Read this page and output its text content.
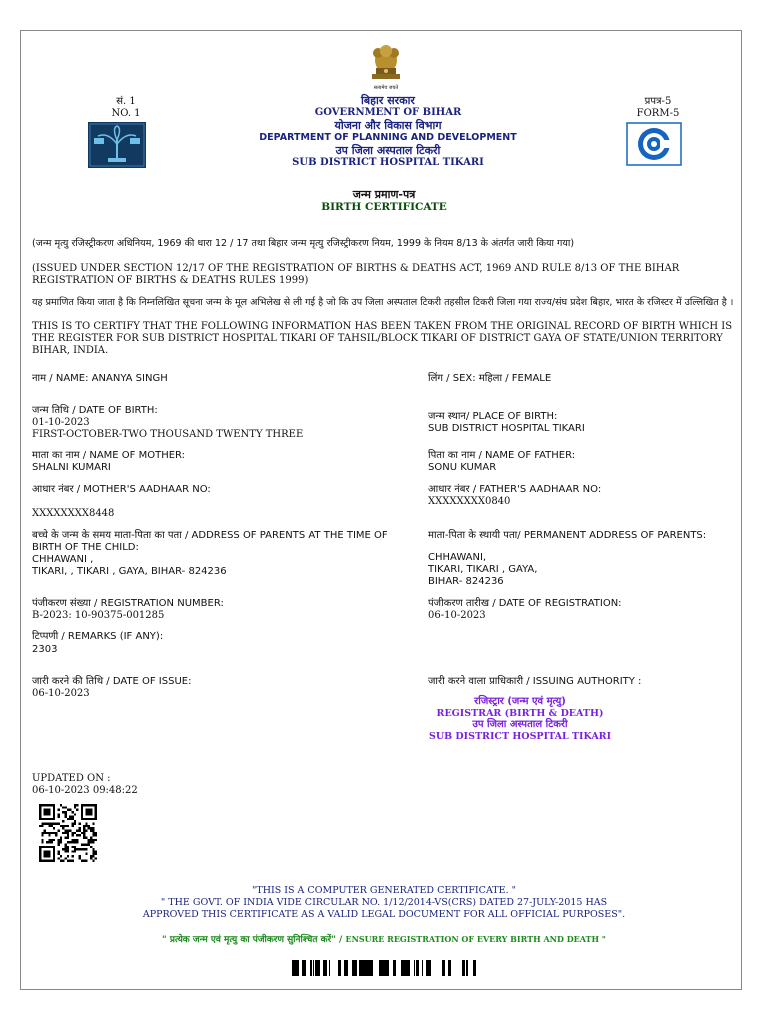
सत्यमेव जयते
सं. 1
NO. 1
बिहार सरकार
GOVERNMENT OF BIHAR
योजना और विकास विभाग
DEPARTMENT OF PLANNING AND DEVELOPMENT
उप जिला अस्पताल टिकरी
SUB DISTRICT HOSPITAL TIKARI
प्रपत्र-5
FORM-5
जन्म प्रमाण-पत्र
BIRTH CERTIFICATE
(जन्म मृत्यु रजिस्ट्रीकरण अधिनियम, 1969 की धारा 12 / 17 तथा बिहार जन्म मृत्यु रजिस्ट्रीकरण नियम, 1999 के नियम 8/13 के अंतर्गत जारी किया गया)
(ISSUED UNDER SECTION 12/17 OF THE REGISTRATION OF BIRTHS & DEATHS ACT, 1969 AND RULE 8/13 OF THE BIHAR REGISTRATION OF BIRTHS & DEATHS RULES 1999)
यह प्रमाणित किया जाता है कि निम्नलिखित सूचना जन्म के मूल अभिलेख से ली गई है जो कि उप जिला अस्पताल टिकरी तहसील टिकरी जिला गया राज्य/संघ प्रदेश बिहार, भारत के रजिस्टर में उल्लिखित है ।
THIS IS TO CERTIFY THAT THE FOLLOWING INFORMATION HAS BEEN TAKEN FROM THE ORIGINAL RECORD OF BIRTH WHICH IS THE REGISTER FOR SUB DISTRICT HOSPITAL TIKARI OF TAHSIL/BLOCK TIKARI OF DISTRICT GAYA OF STATE/UNION TERRITORY BIHAR, INDIA.
नाम / NAME: ANANYA SINGH	लिंग / SEX: महिला / FEMALE
जन्म तिथि / DATE OF BIRTH:
01-10-2023
FIRST-OCTOBER-TWO THOUSAND TWENTY THREE
जन्म स्थान/ PLACE OF BIRTH:
SUB DISTRICT HOSPITAL TIKARI
माता का नाम / NAME OF MOTHER:
SHALNI KUMARI
पिता का नाम / NAME OF FATHER:
SONU KUMAR
आधार नंबर / MOTHER'S AADHAAR NO:
XXXXXXXX8448
आधार नंबर / FATHER'S AADHAAR NO:
XXXXXXXX0840
बच्चे के जन्म के समय माता-पिता का पता / ADDRESS OF PARENTS AT THE TIME OF BIRTH OF THE CHILD:
CHHAWANI ,
TIKARI, , TIKARI , GAYA, BIHAR- 824236
माता-पिता के स्थायी पता/ PERMANENT ADDRESS OF PARENTS:
CHHAWANI,
TIKARI, TIKARI , GAYA,
BIHAR- 824236
पंजीकरण संख्या / REGISTRATION NUMBER:
B-2023: 10-90375-001285
पंजीकरण तारीख / DATE OF REGISTRATION:
06-10-2023
टिप्पणी / REMARKS (IF ANY):
2303
जारी करने की तिथि / DATE OF ISSUE:
06-10-2023
जारी करने वाला प्राधिकारी / ISSUING AUTHORITY :
रजिस्ट्रार (जन्म एवं मृत्यु)
REGISTRAR (BIRTH & DEATH)
उप जिला अस्पताल टिकरी
SUB DISTRICT HOSPITAL TIKARI
UPDATED ON :
06-10-2023 09:48:22
"THIS IS A COMPUTER GENERATED CERTIFICATE. "
" THE GOVT. OF INDIA VIDE CIRCULAR NO. 1/12/2014-VS(CRS) DATED 27-JULY-2015 HAS
APPROVED THIS CERTIFICATE AS A VALID LEGAL DOCUMENT FOR ALL OFFICIAL PURPOSES".
" प्रत्येक जन्म एवं मृत्यु का पंजीकरण सुनिश्चित करें" / ENSURE REGISTRATION OF EVERY BIRTH AND DEATH "
